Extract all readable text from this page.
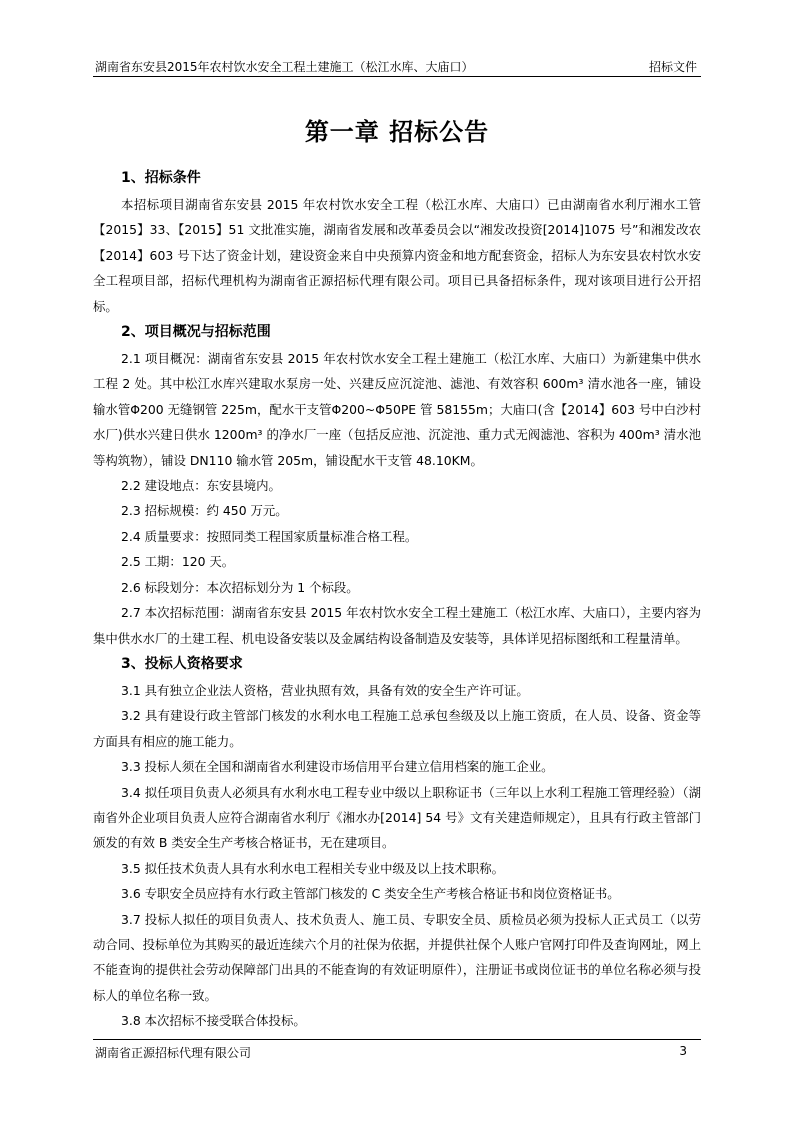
湖南省东安县2015年农村饮水安全工程土建施工（松江水库、大庙口）	招标文件
第一章 招标公告
1、招标条件

本招标项目湖南省东安县 2015 年农村饮水安全工程（松江水库、大庙口）已由湖南省水利厅湘水工管【2015】33、【2015】51 文批准实施，湖南省发展和改革委员会以“湘发改投资[2014]1075 号”和湘发改农【2014】603 号下达了资金计划，建设资金来自中央预算内资金和地方配套资金，招标人为东安县农村饮水安全工程项目部，招标代理机构为湖南省正源招标代理有限公司。项目已具备招标条件，现对该项目进行公开招标。

2、项目概况与招标范围

2.1 项目概况：湖南省东安县 2015 年农村饮水安全工程土建施工（松江水库、大庙口）为新建集中供水工程 2 处。其中松江水库兴建取水泵房一处、兴建反应沉淀池、滤池、有效容积 600m³ 清水池各一座，铺设输水管Φ200 无缝钢管 225m，配水干支管Φ200~Φ50PE 管 58155m；大庙口(含【2014】603 号中白沙村水厂)供水兴建日供水 1200m³ 的净水厂一座（包括反应池、沉淀池、重力式无阀滤池、容积为 400m³ 清水池等构筑物），铺设 DN110 输水管 205m，铺设配水干支管 48.10KM。

2.2 建设地点：东安县境内。

2.3 招标规模：约 450 万元。

2.4 质量要求：按照同类工程国家质量标准合格工程。

2.5 工期：120 天。

2.6 标段划分：本次招标划分为 1 个标段。

2.7 本次招标范围：湖南省东安县 2015 年农村饮水安全工程土建施工（松江水库、大庙口），主要内容为集中供水水厂的土建工程、机电设备安装以及金属结构设备制造及安装等，具体详见招标图纸和工程量清单。

3、投标人资格要求

3.1 具有独立企业法人资格，营业执照有效，具备有效的安全生产许可证。

3.2 具有建设行政主管部门核发的水利水电工程施工总承包叁级及以上施工资质，在人员、设备、资金等方面具有相应的施工能力。

3.3 投标人须在全国和湖南省水利建设市场信用平台建立信用档案的施工企业。

3.4 拟任项目负责人必须具有水利水电工程专业中级以上职称证书（三年以上水利工程施工管理经验）（湖南省外企业项目负责人应符合湖南省水利厅《湘水办[2014] 54 号》文有关建造师规定），且具有行政主管部门颁发的有效 B 类安全生产考核合格证书，无在建项目。

3.5 拟任技术负责人具有水利水电工程相关专业中级及以上技术职称。

3.6 专职安全员应持有水行政主管部门核发的 C 类安全生产考核合格证书和岗位资格证书。

3.7 投标人拟任的项目负责人、技术负责人、施工员、专职安全员、质检员必须为投标人正式员工（以劳动合同、投标单位为其购买的最近连续六个月的社保为依据，并提供社保个人账户官网打印件及查询网址，网上不能查询的提供社会劳动保障部门出具的不能查询的有效证明原件），注册证书或岗位证书的单位名称必须与投标人的单位名称一致。

3.8 本次招标不接受联合体投标。

湖南省正源招标代理有限公司	3
